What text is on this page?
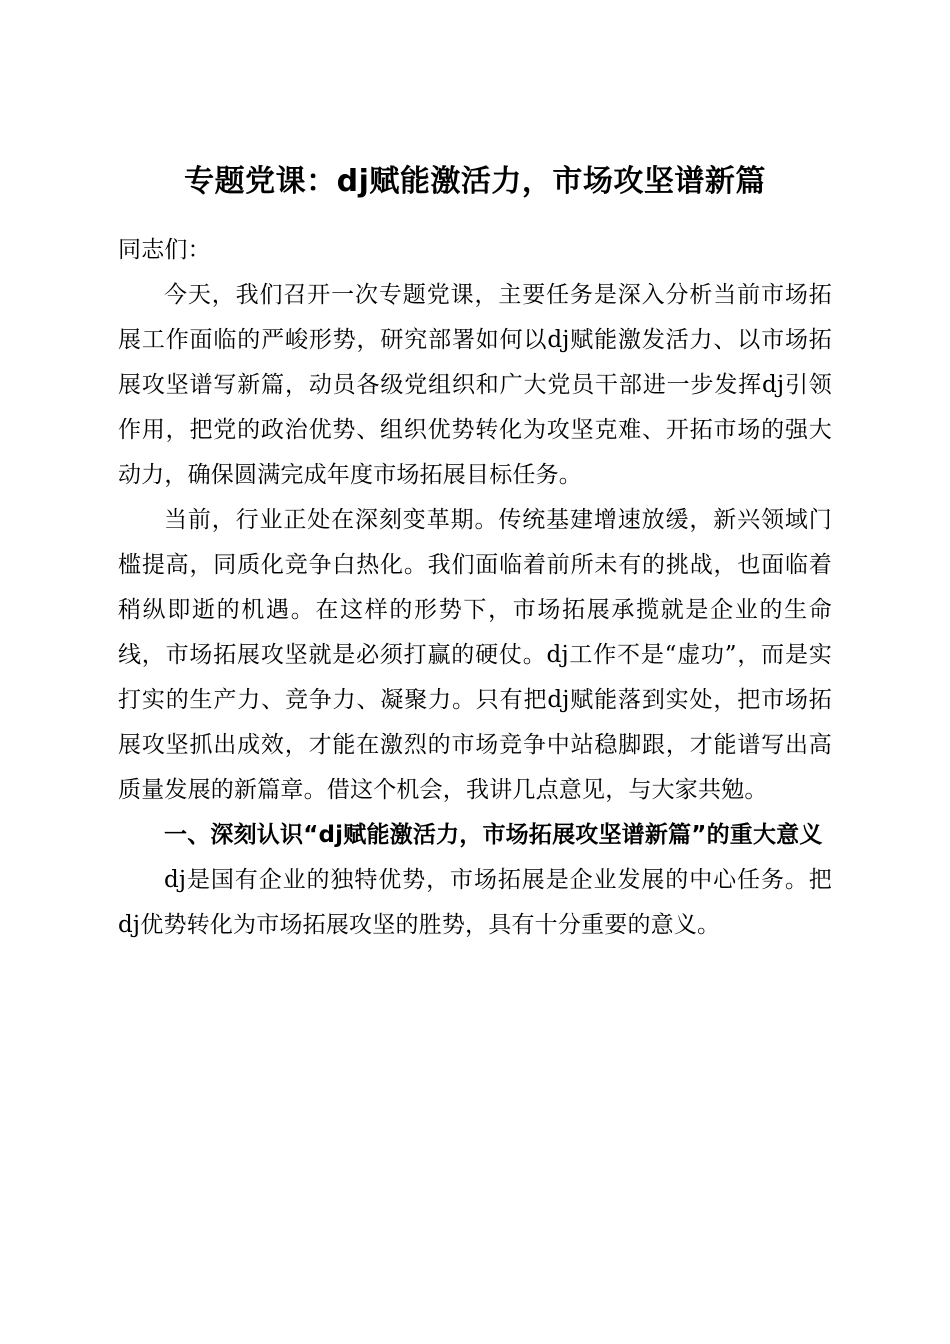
专题党课：dj赋能激活力，市场攻坚谱新篇

同志们：

今天，我们召开一次专题党课，主要任务是深入分析当前市场拓展工作面临的严峻形势，研究部署如何以dj赋能激发活力、以市场拓展攻坚谱写新篇，动员各级党组织和广大党员干部进一步发挥dj引领作用，把党的政治优势、组织优势转化为攻坚克难、开拓市场的强大动力，确保圆满完成年度市场拓展目标任务。

当前，行业正处在深刻变革期。传统基建增速放缓，新兴领域门槛提高，同质化竞争白热化。我们面临着前所未有的挑战，也面临着稍纵即逝的机遇。在这样的形势下，市场拓展承揽就是企业的生命线，市场拓展攻坚就是必须打赢的硬仗。dj工作不是“虚功”，而是实打实的生产力、竞争力、凝聚力。只有把dj赋能落到实处，把市场拓展攻坚抓出成效，才能在激烈的市场竞争中站稳脚跟，才能谱写出高质量发展的新篇章。借这个机会，我讲几点意见，与大家共勉。

一、深刻认识“dj赋能激活力，市场拓展攻坚谱新篇”的重大意义

dj是国有企业的独特优势，市场拓展是企业发展的中心任务。把dj优势转化为市场拓展攻坚的胜势，具有十分重要的意义。
